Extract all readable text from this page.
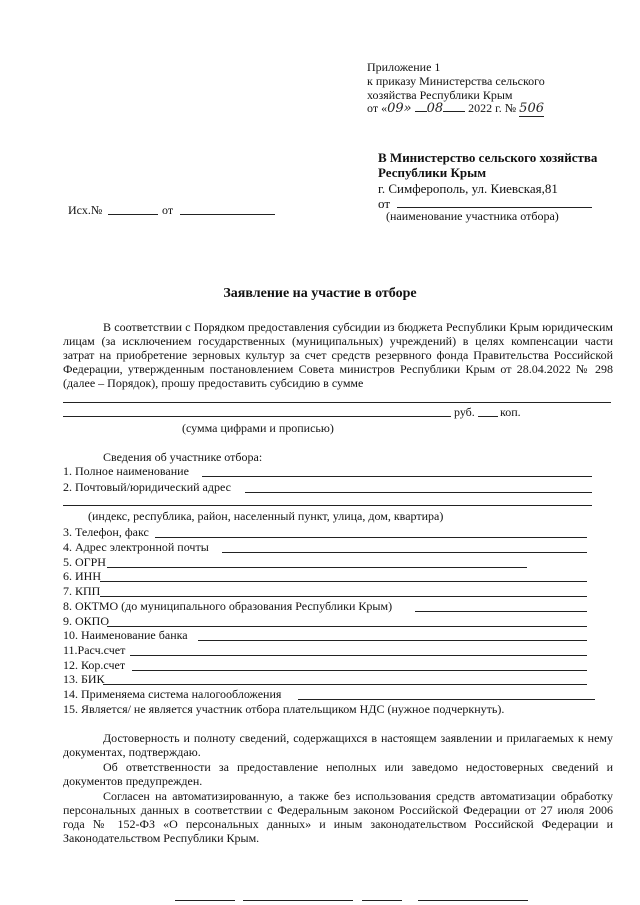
Приложение 1
к приказу Министерства сельского
хозяйства Республики Крым
от «09» 08 2022 г. № 506
В Министерство сельского хозяйства
Республики Крым
г. Симферополь, ул. Киевская,81
от
(наименование участника отбора)
Исх.№	от
Заявление на участие в отборе
В соответствии с Порядком предоставления субсидии из бюджета Республики Крым юридическим лицам (за исключением государственных (муниципальных) учреждений) в целях компенсации части затрат на приобретение зерновых культур за счет средств резервного фонда Правительства Российской Федерации, утвержденным постановлением Совета министров Республики Крым от 28.04.2022 № 298 (далее – Порядок), прошу предоставить субсидию в сумме
руб. коп.
(сумма цифрами и прописью)
Сведения об участнике отбора:
1. Полное наименование
2. Почтовый/юридический адрес
(индекс, республика, район, населенный пункт, улица, дом, квартира)
3. Телефон, факс
4. Адрес электронной почты
5. ОГРН
6. ИНН
7. КПП
8. ОКТМО (до муниципального образования Республики Крым)
9. ОКПО
10. Наименование банка
11.Расч.счет
12. Кор.счет
13. БИК
14. Применяема система налогообложения
15. Является/ не является участник отбора плательщиком НДС (нужное подчеркнуть).
Достоверность и полноту сведений, содержащихся в настоящем заявлении и прилагаемых к нему документах, подтверждаю.
Об ответственности за предоставление неполных или заведомо недостоверных сведений и документов предупрежден.
Согласен на автоматизированную, а также без использования средств автоматизации обработку персональных данных в соответствии с Федеральным законом Российской Федерации от 27 июля 2006 года № 152-ФЗ «О персональных данных» и иным законодательством Российской Федерации и Законодательством Республики Крым.
